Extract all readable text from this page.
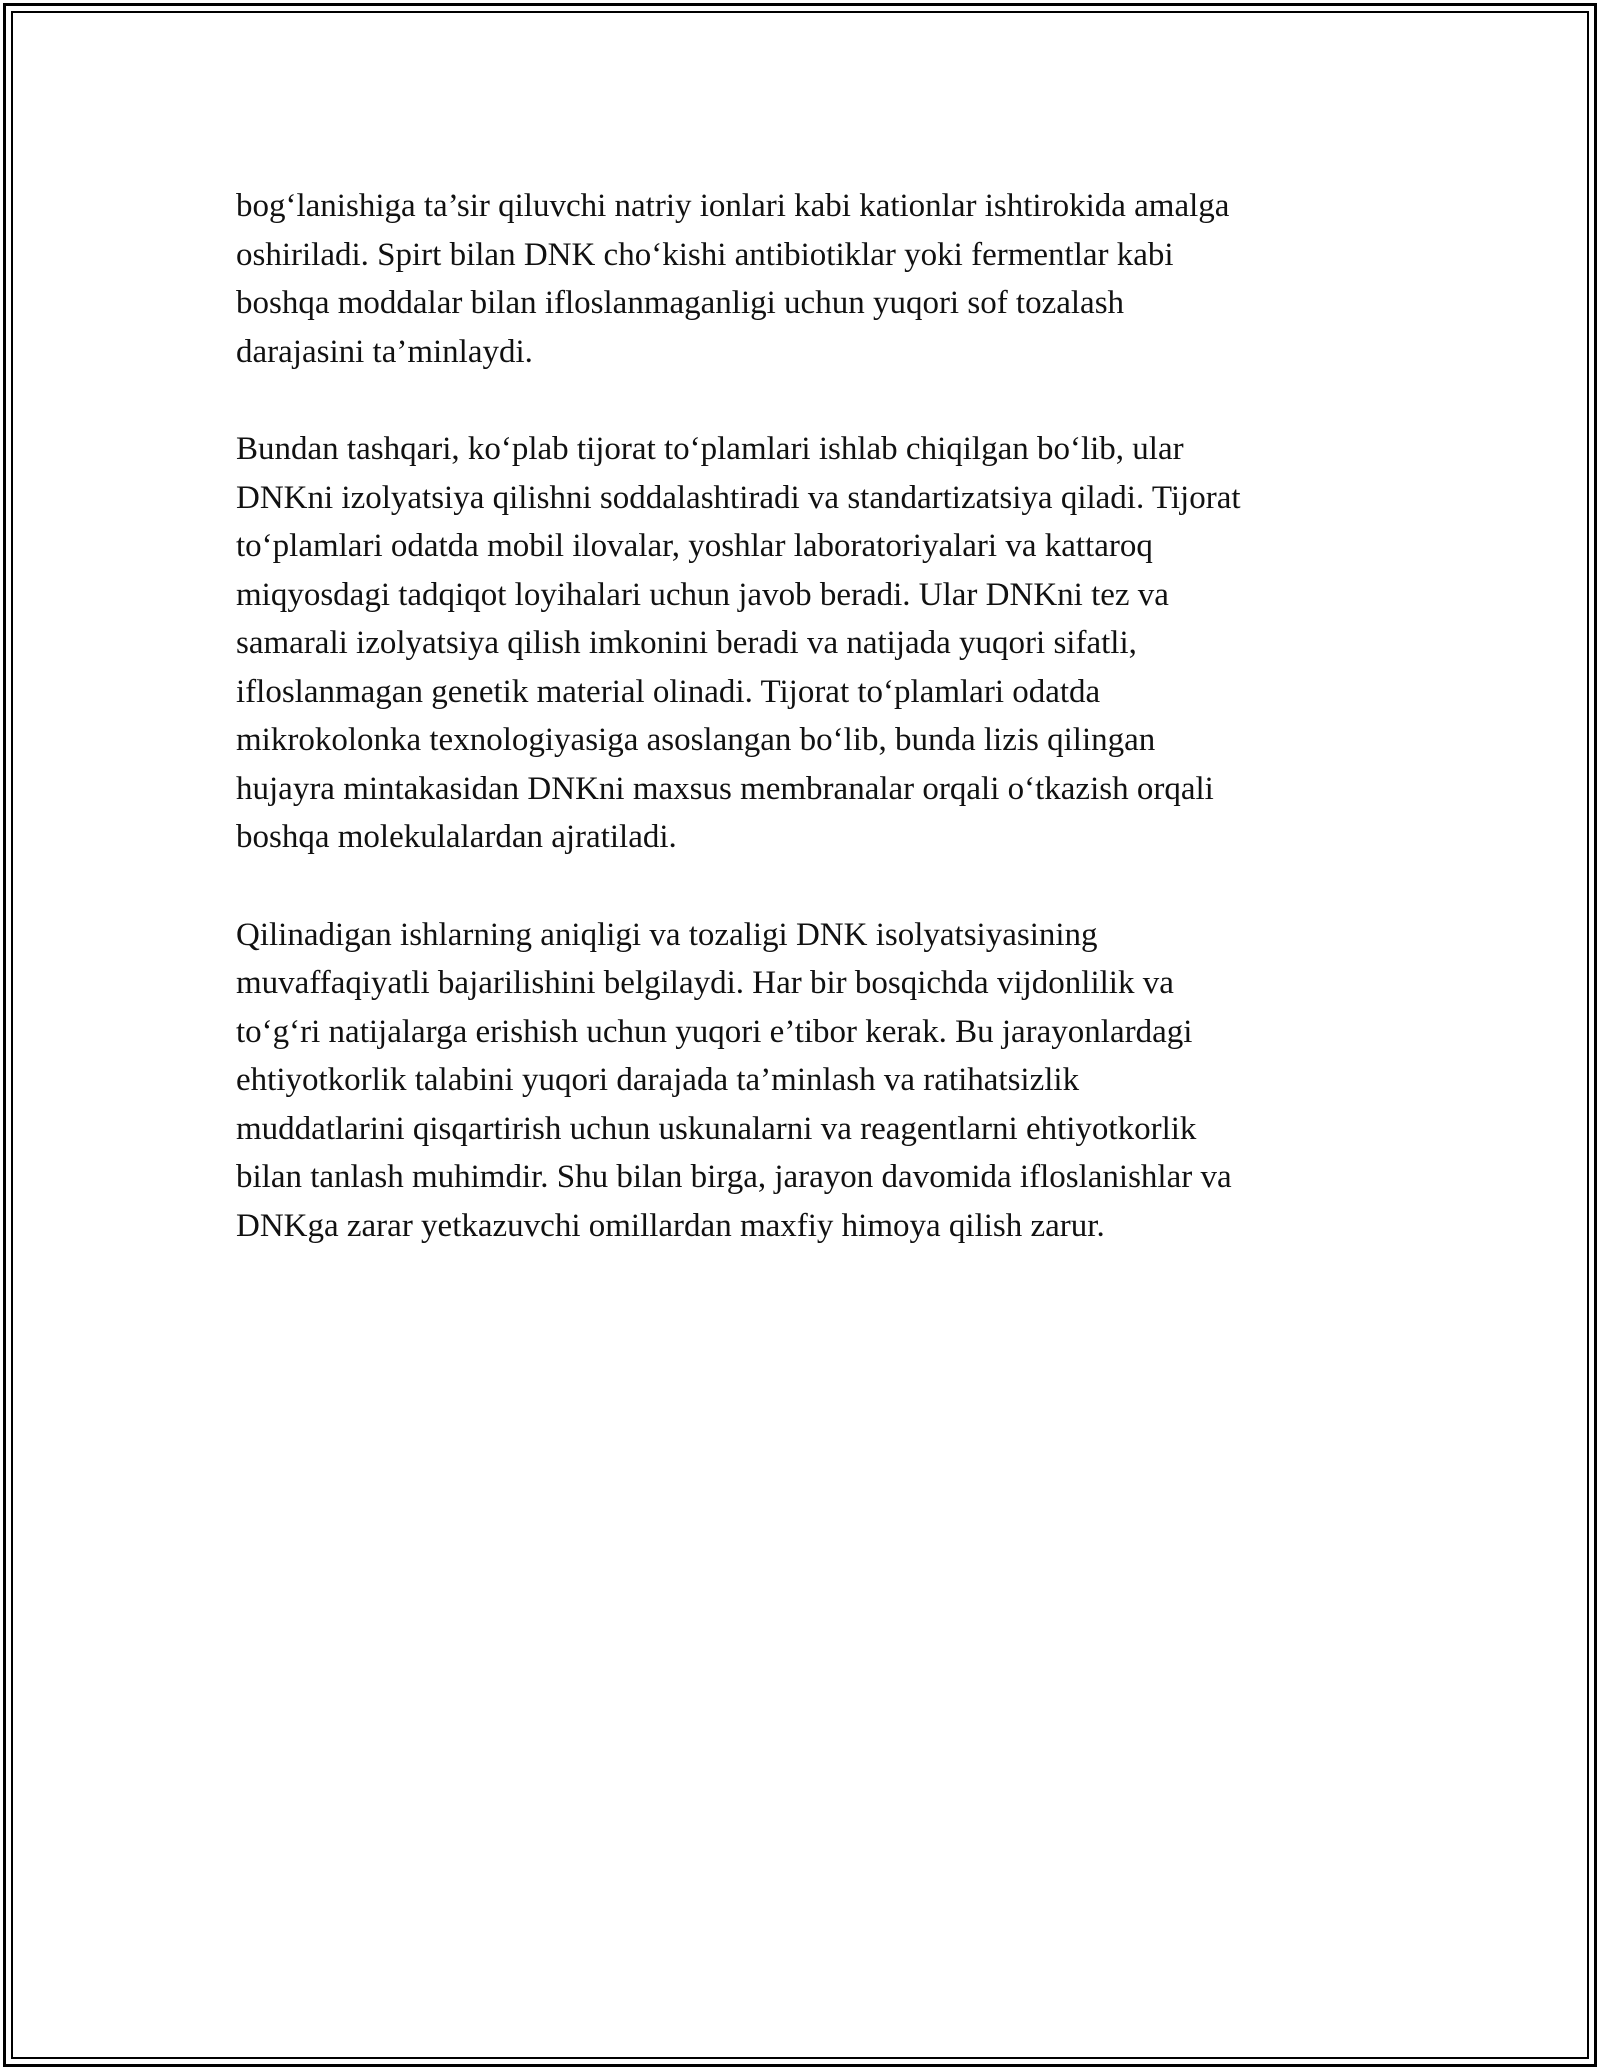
bog‘lanishiga ta’sir qiluvchi natriy ionlari kabi kationlar ishtirokida amalga
oshiriladi. Spirt bilan DNK cho‘kishi antibiotiklar yoki fermentlar kabi
boshqa moddalar bilan ifloslanmaganligi uchun yuqori sof tozalash
darajasini ta’minlaydi.

Bundan tashqari, ko‘plab tijorat to‘plamlari ishlab chiqilgan bo‘lib, ular
DNKni izolyatsiya qilishni soddalashtiradi va standartizatsiya qiladi. Tijorat
to‘plamlari odatda mobil ilovalar, yoshlar laboratoriyalari va kattaroq
miqyosdagi tadqiqot loyihalari uchun javob beradi. Ular DNKni tez va
samarali izolyatsiya qilish imkonini beradi va natijada yuqori sifatli,
ifloslanmagan genetik material olinadi. Tijorat to‘plamlari odatda
mikrokolonka texnologiyasiga asoslangan bo‘lib, bunda lizis qilingan
hujayra mintakasidan DNKni maxsus membranalar orqali o‘tkazish orqali
boshqa molekulalardan ajratiladi.

Qilinadigan ishlarning aniqligi va tozaligi DNK isolyatsiyasining
muvaffaqiyatli bajarilishini belgilaydi. Har bir bosqichda vijdonlilik va
to‘g‘ri natijalarga erishish uchun yuqori e’tibor kerak. Bu jarayonlardagi
ehtiyotkorlik talabini yuqori darajada ta’minlash va ratihatsizlik
muddatlarini qisqartirish uchun uskunalarni va reagentlarni ehtiyotkorlik
bilan tanlash muhimdir. Shu bilan birga, jarayon davomida ifloslanishlar va
DNKga zarar yetkazuvchi omillardan maxfiy himoya qilish zarur.
